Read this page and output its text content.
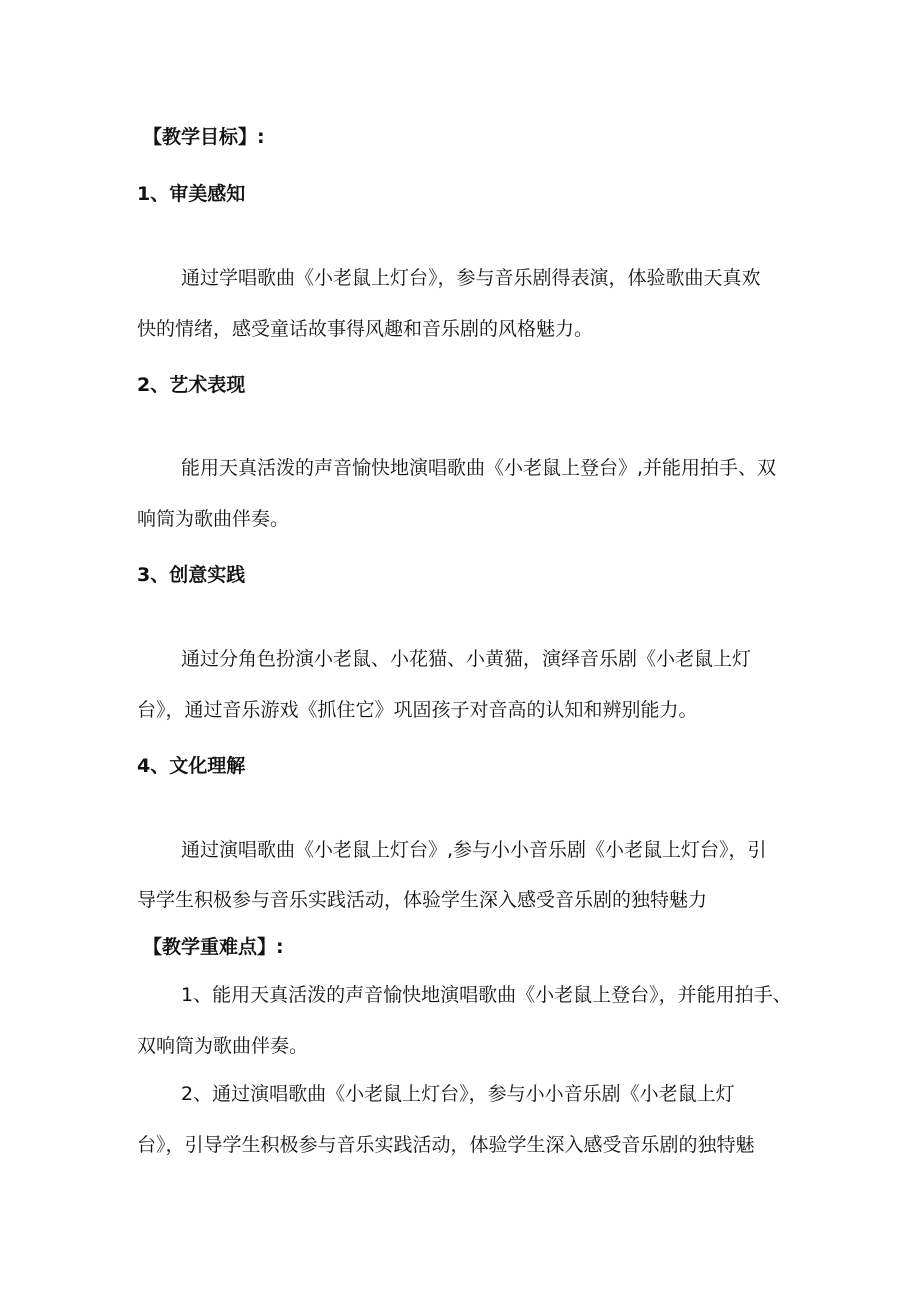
【教学目标】:
1、审美感知
通过学唱歌曲《小老鼠上灯台》，参与音乐剧得表演，体验歌曲天真欢
快的情绪，感受童话故事得风趣和音乐剧的风格魅力。
2、艺术表现
能用天真活泼的声音愉快地演唱歌曲《小老鼠上登台》,并能用拍手、双
响筒为歌曲伴奏。
3、创意实践
通过分角色扮演小老鼠、小花猫、小黄猫，演绎音乐剧《小老鼠上灯
台》，通过音乐游戏《抓住它》巩固孩子对音高的认知和辨别能力。
4、文化理解
通过演唱歌曲《小老鼠上灯台》,参与小小音乐剧《小老鼠上灯台》，引
导学生积极参与音乐实践活动，体验学生深入感受音乐剧的独特魅力
【教学重难点】:
1、能用天真活泼的声音愉快地演唱歌曲《小老鼠上登台》，并能用拍手、
双响筒为歌曲伴奏。
2、通过演唱歌曲《小老鼠上灯台》，参与小小音乐剧《小老鼠上灯
台》，引导学生积极参与音乐实践活动，体验学生深入感受音乐剧的独特魅
